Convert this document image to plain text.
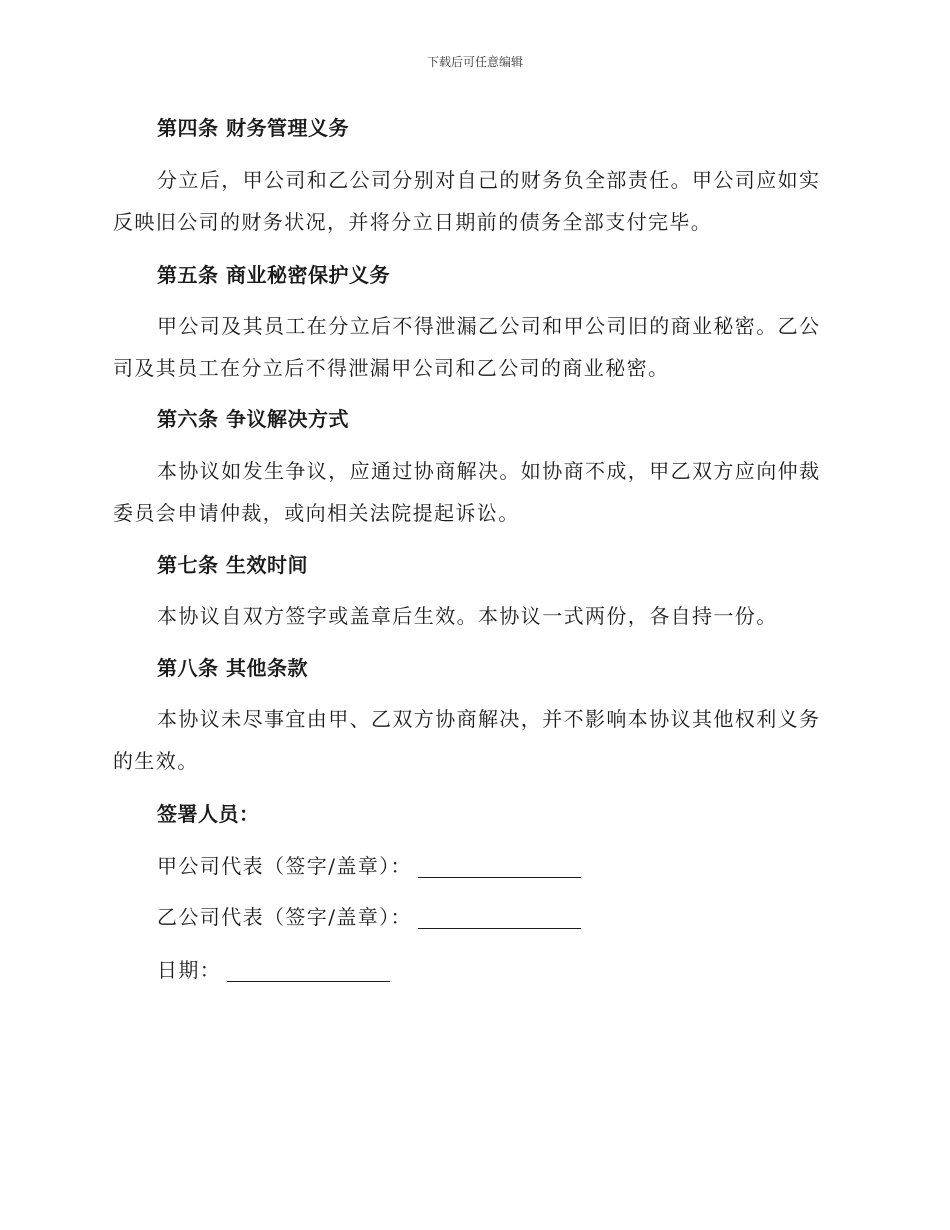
下载后可任意编辑
第四条 财务管理义务
分立后，甲公司和乙公司分别对自己的财务负全部责任。甲公司应如实
反映旧公司的财务状况，并将分立日期前的债务全部支付完毕。
第五条 商业秘密保护义务
甲公司及其员工在分立后不得泄漏乙公司和甲公司旧的商业秘密。乙公
司及其员工在分立后不得泄漏甲公司和乙公司的商业秘密。
第六条 争议解决方式
本协议如发生争议，应通过协商解决。如协商不成，甲乙双方应向仲裁
委员会申请仲裁，或向相关法院提起诉讼。
第七条 生效时间
本协议自双方签字或盖章后生效。本协议一式两份，各自持一份。
第八条 其他条款
本协议未尽事宜由甲、乙双方协商解决，并不影响本协议其他权利义务
的生效。
签署人员：
甲公司代表（签字/盖章）：
乙公司代表（签字/盖章）：
日期：
